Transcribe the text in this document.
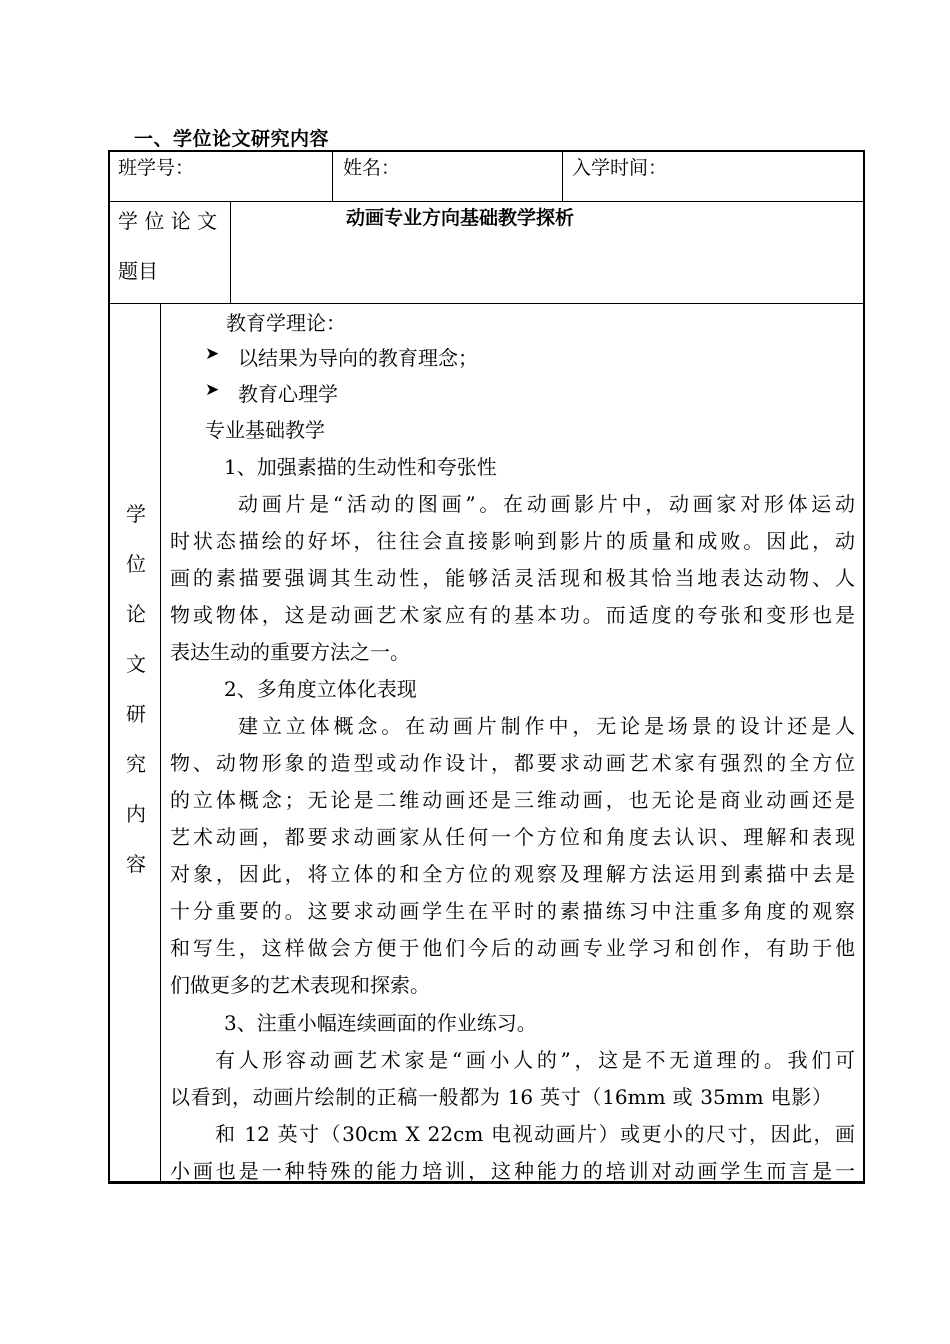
一、学位论文研究内容
班学号：	姓名：	入学时间：
学 位 论 文
题目
动画专业方向基础教学探析
学
位
论
文
研
究
内
容
教育学理论：
➤ 以结果为导向的教育理念；
➤ 教育心理学
专业基础教学
1、加强素描的生动性和夸张性
动画片是“活动的图画”。在动画影片中，动画家对形体运动
时状态描绘的好坏，往往会直接影响到影片的质量和成败。因此，动
画的素描要强调其生动性，能够活灵活现和极其恰当地表达动物、人
物或物体，这是动画艺术家应有的基本功。而适度的夸张和变形也是
表达生动的重要方法之一。
2、多角度立体化表现
建立立体概念。在动画片制作中，无论是场景的设计还是人
物、动物形象的造型或动作设计，都要求动画艺术家有强烈的全方位
的立体概念；无论是二维动画还是三维动画，也无论是商业动画还是
艺术动画，都要求动画家从任何一个方位和角度去认识、理解和表现
对象，因此，将立体的和全方位的观察及理解方法运用到素描中去是
十分重要的。这要求动画学生在平时的素描练习中注重多角度的观察
和写生，这样做会方便于他们今后的动画专业学习和创作，有助于他
们做更多的艺术表现和探索。
3、注重小幅连续画面的作业练习。
有人形容动画艺术家是“画小人的”，这是不无道理的。我们可
以看到，动画片绘制的正稿一般都为 16 英寸（16mm 或 35mm 电影）
和 12 英寸（30cm X 22cm 电视动画片）或更小的尺寸，因此，画
小画也是一种特殊的能力培训，这种能力的培训对动画学生而言是一
